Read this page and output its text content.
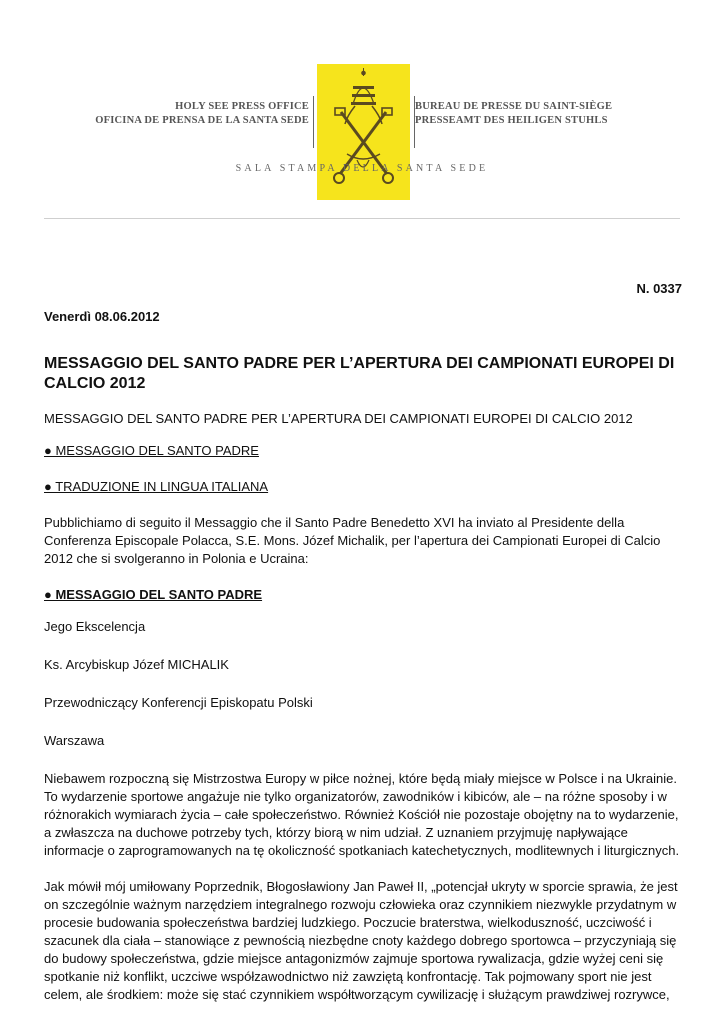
HOLY SEE PRESS OFFICE
OFICINA DE PRENSA DE LA SANTA SEDE
BUREAU DE PRESSE DU SAINT-SIÈGE
PRESSEAMT DES HEILIGEN STUHLS
SALA STAMPA DELLA SANTA SEDE

N. 0337

Venerdì 08.06.2012

MESSAGGIO DEL SANTO PADRE PER L’APERTURA DEI CAMPIONATI EUROPEI DI CALCIO 2012

MESSAGGIO DEL SANTO PADRE PER L’APERTURA DEI CAMPIONATI EUROPEI DI CALCIO 2012

● MESSAGGIO DEL SANTO PADRE

● TRADUZIONE IN LINGUA ITALIANA

Pubblichiamo di seguito il Messaggio che il Santo Padre Benedetto XVI ha inviato al Presidente della Conferenza Episcopale Polacca, S.E. Mons. Józef Michalik, per l’apertura dei Campionati Europei di Calcio 2012 che si svolgeranno in Polonia e Ucraina:

● MESSAGGIO DEL SANTO PADRE

Jego Ekscelencja

Ks. Arcybiskup Józef MICHALIK

Przewodniczący Konferencji Episkopatu Polski

Warszawa

Niebawem rozpoczną się Mistrzostwa Europy w piłce nożnej, które będą miały miejsce w Polsce i na Ukrainie. To wydarzenie sportowe angażuje nie tylko organizatorów, zawodników i kibiców, ale – na różne sposoby i w różnorakich wymiarach życia – całe społeczeństwo. Również Kościół nie pozostaje obojętny na to wydarzenie, a zwłaszcza na duchowe potrzeby tych, którzy biorą w nim udział. Z uznaniem przyjmuję napływające informacje o zaprogramowanych na tę okoliczność spotkaniach katechetycznych, modlitewnych i liturgicznych.

Jak mówił mój umiłowany Poprzednik, Błogosławiony Jan Paweł II, „potencjał ukryty w sporcie sprawia, że jest on szczególnie ważnym narzędziem integralnego rozwoju człowieka oraz czynnikiem niezwykle przydatnym w procesie budowania społeczeństwa bardziej ludzkiego. Poczucie braterstwa, wielkoduszność, uczciwość i szacunek dla ciała – stanowiące z pewnością niezbędne cnoty każdego dobrego sportowca – przyczyniają się do budowy społeczeństwa, gdzie miejsce antagonizmów zajmuje sportowa rywalizacja, gdzie wyżej ceni się spotkanie niż konflikt, uczciwe współzawodnictwo niż zawziętą konfrontację. Tak pojmowany sport nie jest celem, ale środkiem: może się stać czynnikiem współtworzącym cywilizację i służącym prawdziwej rozrywce,
